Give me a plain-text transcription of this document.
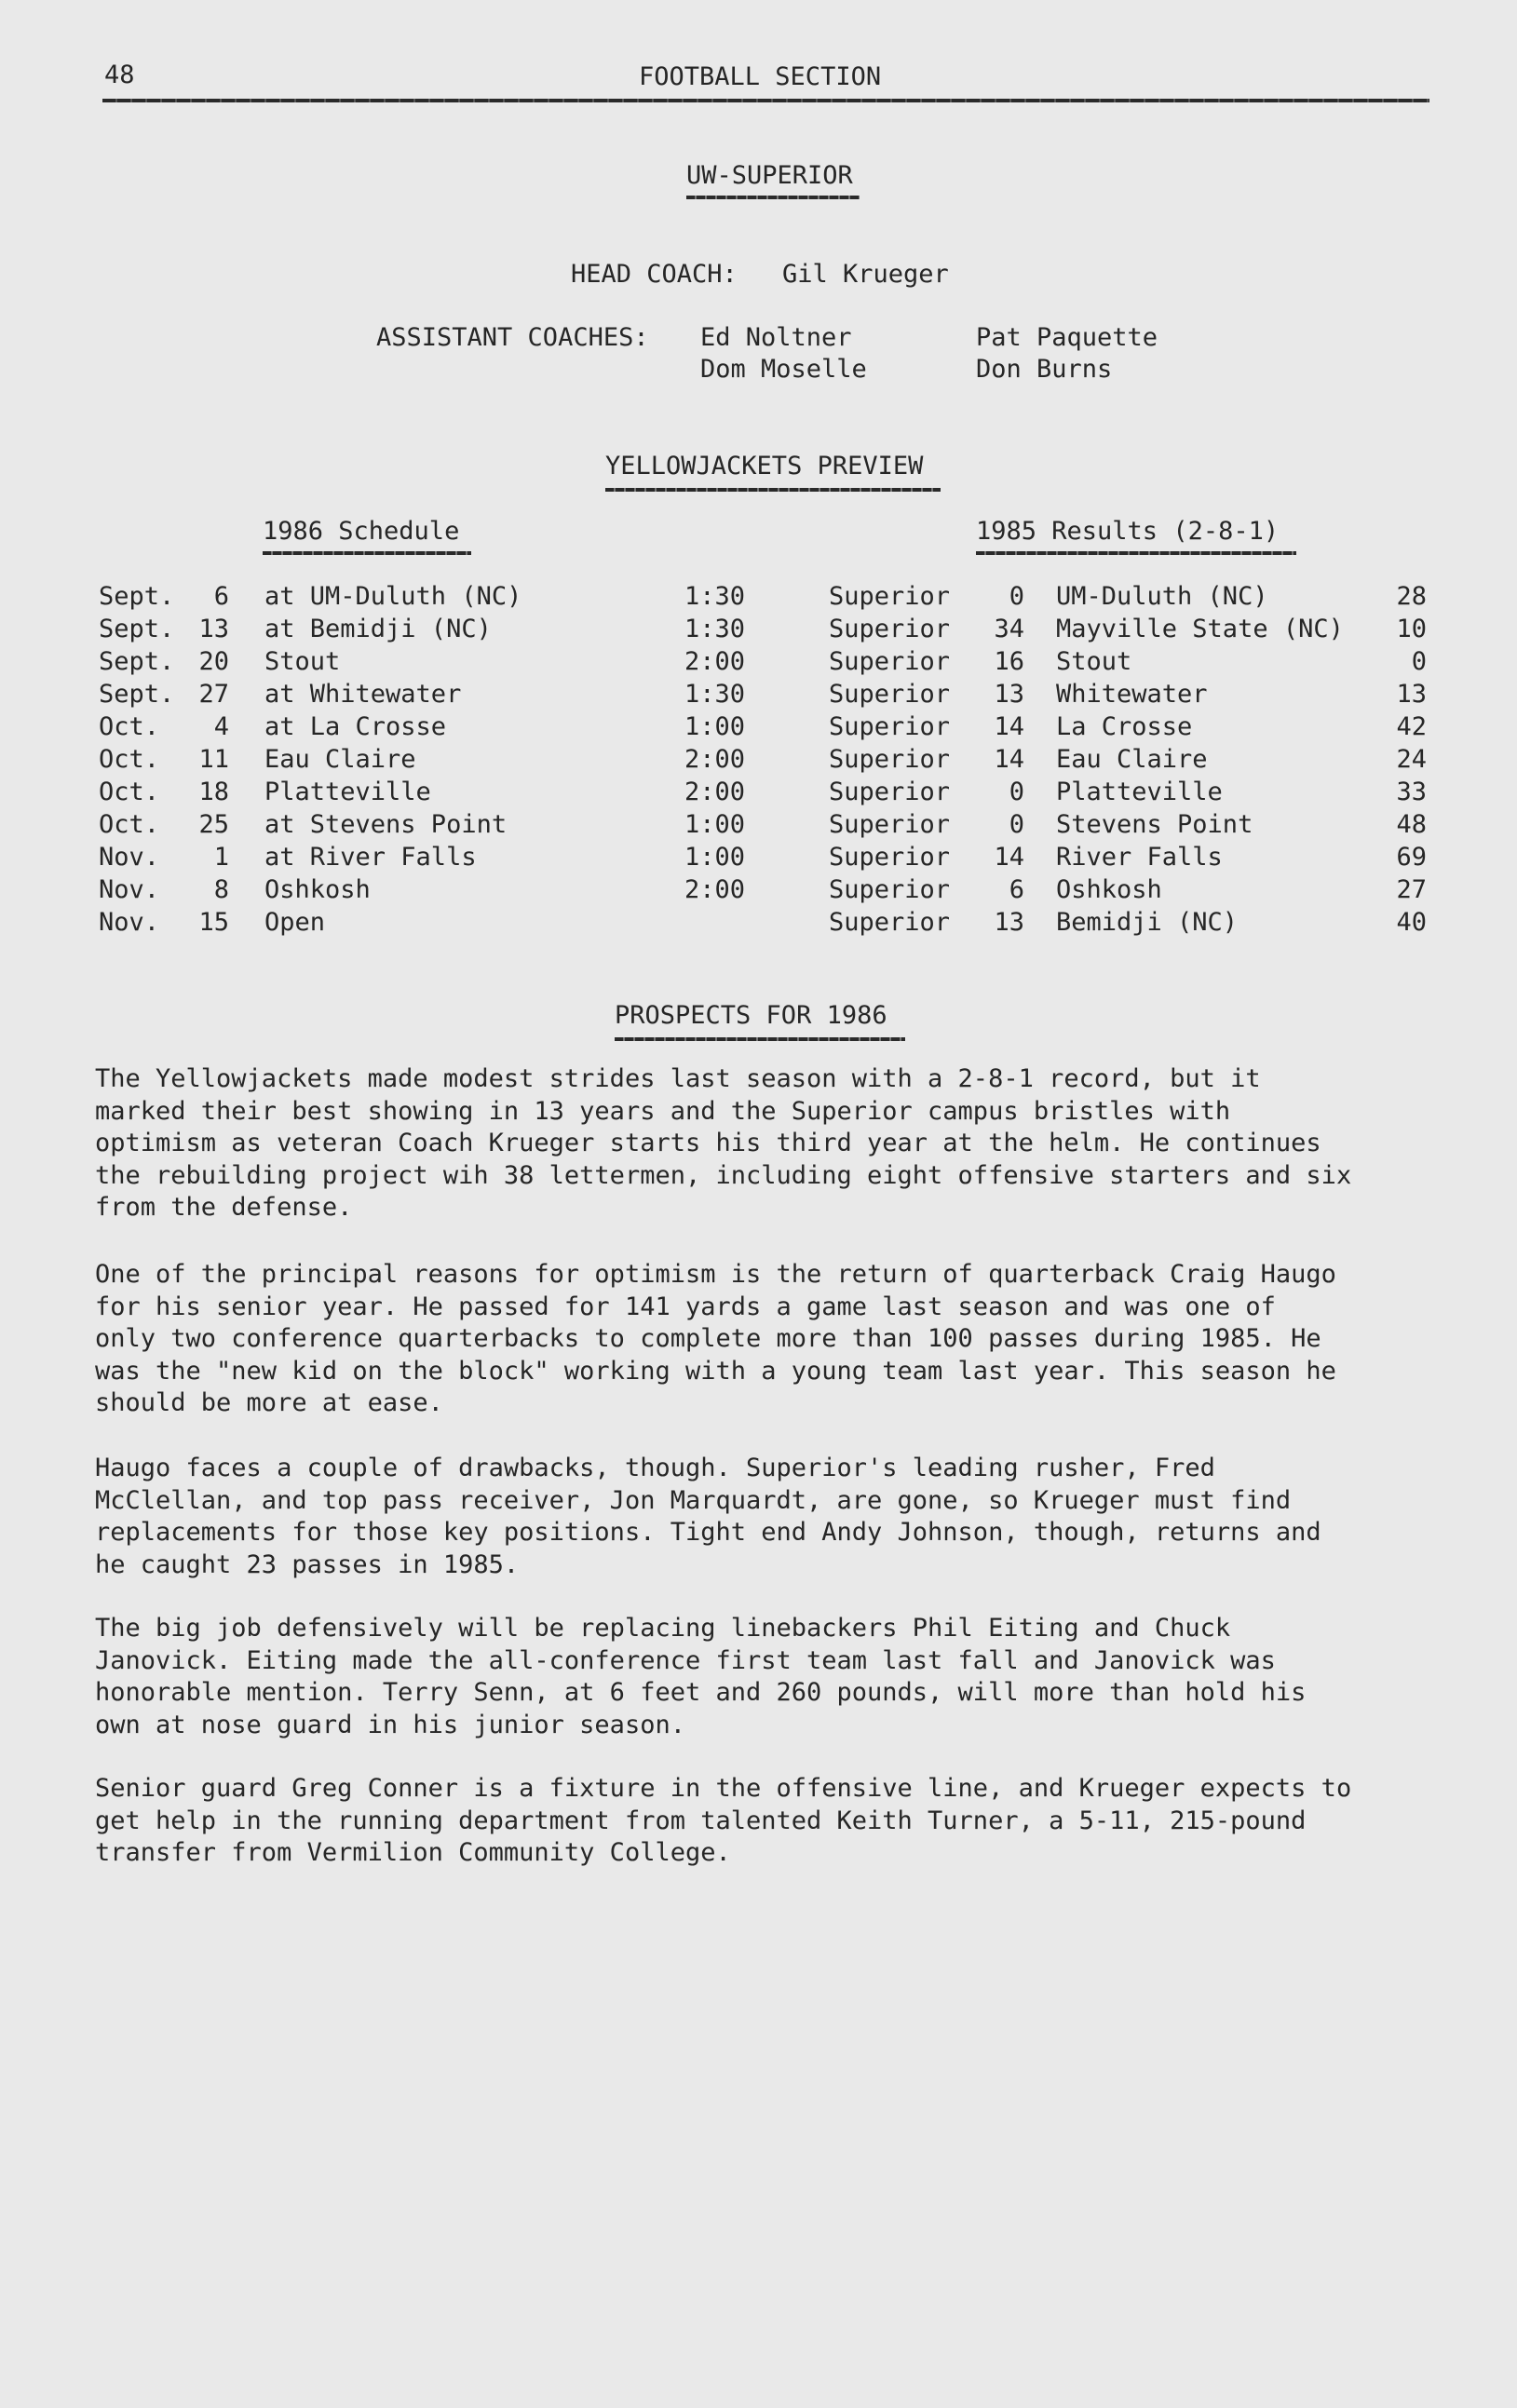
48	FOOTBALL SECTION
UW-SUPERIOR
HEAD COACH: Gil Krueger
ASSISTANT COACHES: Ed Noltner	Pat Paquette
Dom Moselle	Don Burns
YELLOWJACKETS PREVIEW
1986 Schedule	1985 Results (2-8-1)
Sept.	6 at UM-Duluth (NC)	1:30	Superior	0 UM-Duluth (NC)	28
Sept. 13 at Bemidji (NC)	1:30	Superior	34 Mayville State (NC)	10
Sept. 20 Stout	2:00	Superior	16 Stout	0
Sept. 27 at Whitewater	1:30	Superior	13 Whitewater	13
Oct.	4 at La Crosse	1:00	Superior	14 La Crosse	42
Oct.	11 Eau Claire	2:00	Superior	14 Eau Claire	24
Oct.	18 Platteville	2:00	Superior	0 Platteville	33
Oct.	25 at Stevens Point	1:00	Superior	0 Stevens Point	48
Nov.	1 at River Falls	1:00	Superior	14 River Falls	69
Nov.	8 Oshkosh	2:00	Superior	6 Oshkosh	27
Nov.	15 Open	Superior	13 Bemidji (NC)	40
PROSPECTS FOR 1986
The Yellowjackets made modest strides last season with a 2-8-1 record, but it
marked their best showing in 13 years and the Superior campus bristles with
optimism as veteran Coach Krueger starts his third year at the helm. He continues
the rebuilding project wih 38 lettermen, including eight offensive starters and six
from the defense.
One of the principal reasons for optimism is the return of quarterback Craig Haugo
for his senior year. He passed for 141 yards a game last season and was one of
only two conference quarterbacks to complete more than 100 passes during 1985. He
was the "new kid on the block" working with a young team last year. This season he
should be more at ease.
Haugo faces a couple of drawbacks, though. Superior's leading rusher, Fred
McClellan, and top pass receiver, Jon Marquardt, are gone, so Krueger must find
replacements for those key positions. Tight end Andy Johnson, though, returns and
he caught 23 passes in 1985.
The big job defensively will be replacing linebackers Phil Eiting and Chuck
Janovick. Eiting made the all-conference first team last fall and Janovick was
honorable mention. Terry Senn, at 6 feet and 260 pounds, will more than hold his
own at nose guard in his junior season.
Senior guard Greg Conner is a fixture in the offensive line, and Krueger expects to
get help in the running department from talented Keith Turner, a 5-11, 215-pound
transfer from Vermilion Community College.
